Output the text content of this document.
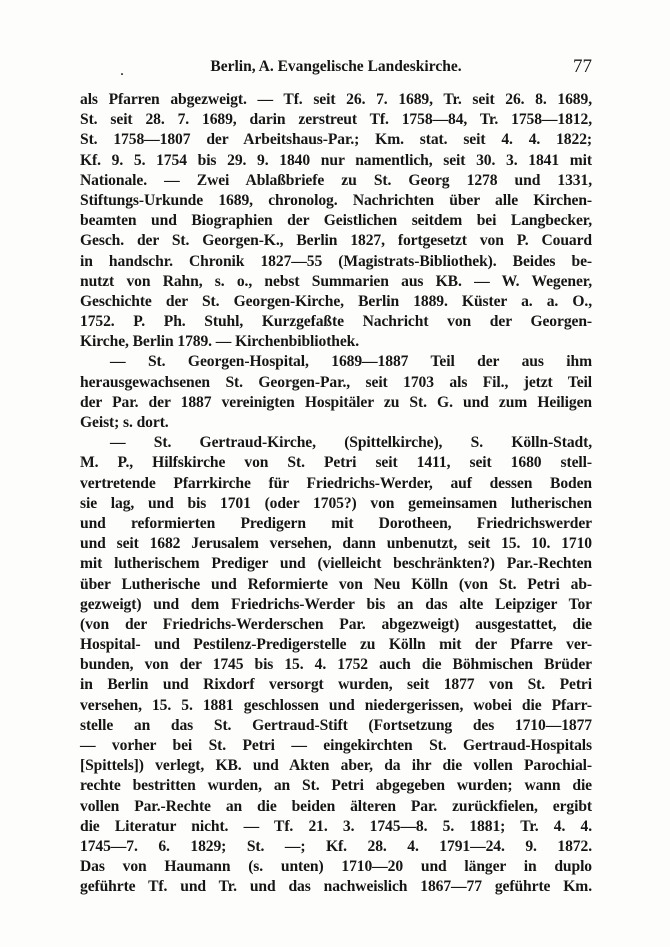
.	Berlin, A. Evangelische Landeskirche.	77
als Pfarren abgezweigt. — Tf. seit 26. 7. 1689, Tr. seit 26. 8. 1689,
St. seit 28. 7. 1689, darin zerstreut Tf. 1758—84, Tr. 1758—1812,
St. 1758—1807 der Arbeitshaus-Par.; Km. stat. seit 4. 4. 1822;
Kf. 9. 5. 1754 bis 29. 9. 1840 nur namentlich, seit 30. 3. 1841 mit
Nationale. — Zwei Ablaßbriefe zu St. Georg 1278 und 1331,
Stiftungs-Urkunde 1689, chronolog. Nachrichten über alle Kirchen-
beamten und Biographien der Geistlichen seitdem bei Langbecker,
Gesch. der St. Georgen-K., Berlin 1827, fortgesetzt von P. Couard
in handschr. Chronik 1827—55 (Magistrats-Bibliothek). Beides be-
nutzt von Rahn, s. o., nebst Summarien aus KB. — W. Wegener,
Geschichte der St. Georgen-Kirche, Berlin 1889. Küster a. a. O.,
1752. P. Ph. Stuhl, Kurzgefaßte Nachricht von der Georgen-
Kirche, Berlin 1789. — Kirchenbibliothek.
— St. Georgen-Hospital, 1689—1887 Teil der aus ihm
herausgewachsenen St. Georgen-Par., seit 1703 als Fil., jetzt Teil
der Par. der 1887 vereinigten Hospitäler zu St. G. und zum Heiligen
Geist; s. dort.
— St. Gertraud-Kirche, (Spittelkirche), S. Kölln-Stadt,
M. P., Hilfskirche von St. Petri seit 1411, seit 1680 stell-
vertretende Pfarrkirche für Friedrichs-Werder, auf dessen Boden
sie lag, und bis 1701 (oder 1705?) von gemeinsamen lutherischen
und reformierten Predigern mit Dorotheen, Friedrichswerder
und seit 1682 Jerusalem versehen, dann unbenutzt, seit 15. 10. 1710
mit lutherischem Prediger und (vielleicht beschränkten?) Par.-Rechten
über Lutherische und Reformierte von Neu Kölln (von St. Petri ab-
gezweigt) und dem Friedrichs-Werder bis an das alte Leipziger Tor
(von der Friedrichs-Werderschen Par. abgezweigt) ausgestattet, die
Hospital- und Pestilenz-Predigerstelle zu Kölln mit der Pfarre ver-
bunden, von der 1745 bis 15. 4. 1752 auch die Böhmischen Brüder
in Berlin und Rixdorf versorgt wurden, seit 1877 von St. Petri
versehen, 15. 5. 1881 geschlossen und niedergerissen, wobei die Pfarr-
stelle an das St. Gertraud-Stift (Fortsetzung des 1710—1877
— vorher bei St. Petri — eingekirchten St. Gertraud-Hospitals
[Spittels]) verlegt, KB. und Akten aber, da ihr die vollen Parochial-
rechte bestritten wurden, an St. Petri abgegeben wurden; wann die
vollen Par.-Rechte an die beiden älteren Par. zurückfielen, ergibt
die Literatur nicht. — Tf. 21. 3. 1745—8. 5. 1881; Tr. 4. 4.
1745—7. 6. 1829; St. —; Kf. 28. 4. 1791—24. 9. 1872.
Das von Haumann (s. unten) 1710—20 und länger in duplo
geführte Tf. und Tr. und das nachweislich 1867—77 geführte Km.
